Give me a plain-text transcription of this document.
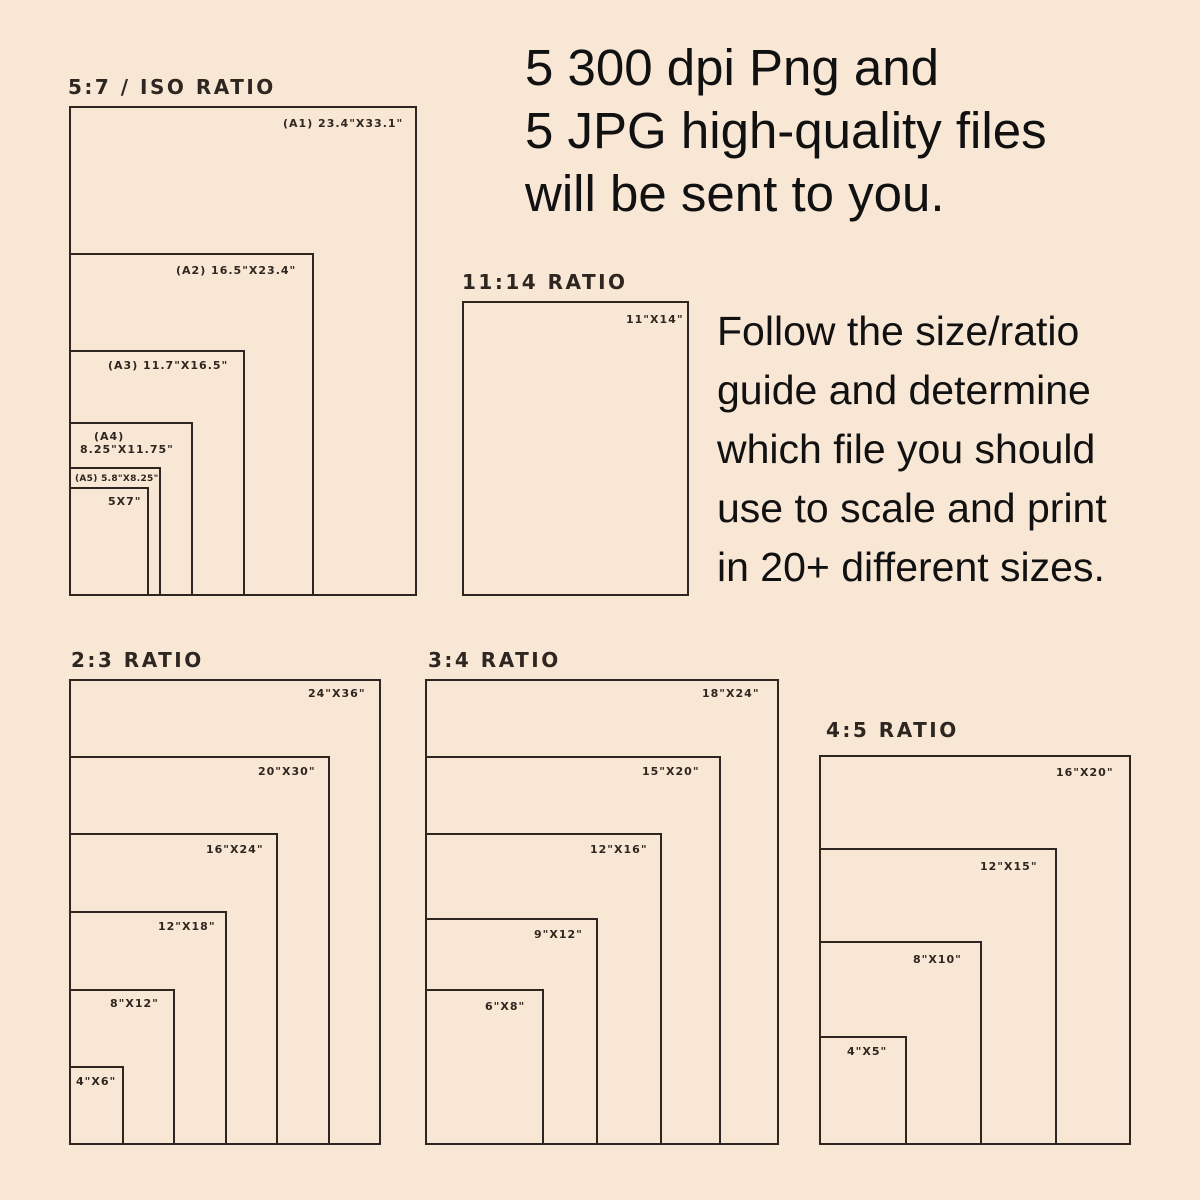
5 300 dpi Png and
5 JPG high-quality files
will be sent to you.
Follow the size/ratio
guide and determine
which file you should
use to scale and print
in 20+ different sizes.
5:7 / ISO RATIO
(A1) 23.4"X33.1"
(A2) 16.5"X23.4"
(A3) 11.7"X16.5"
(A4)
8.25"X11.75"
(A5) 5.8"X8.25"
5X7"
11:14 RATIO
11"X14"
2:3 RATIO
24"X36"
20"X30"
16"X24"
12"X18"
8"X12"
4"X6"
3:4 RATIO
18"X24"
15"X20"
12"X16"
9"X12"
6"X8"
4:5 RATIO
16"X20"
12"X15"
8"X10"
4"X5"
